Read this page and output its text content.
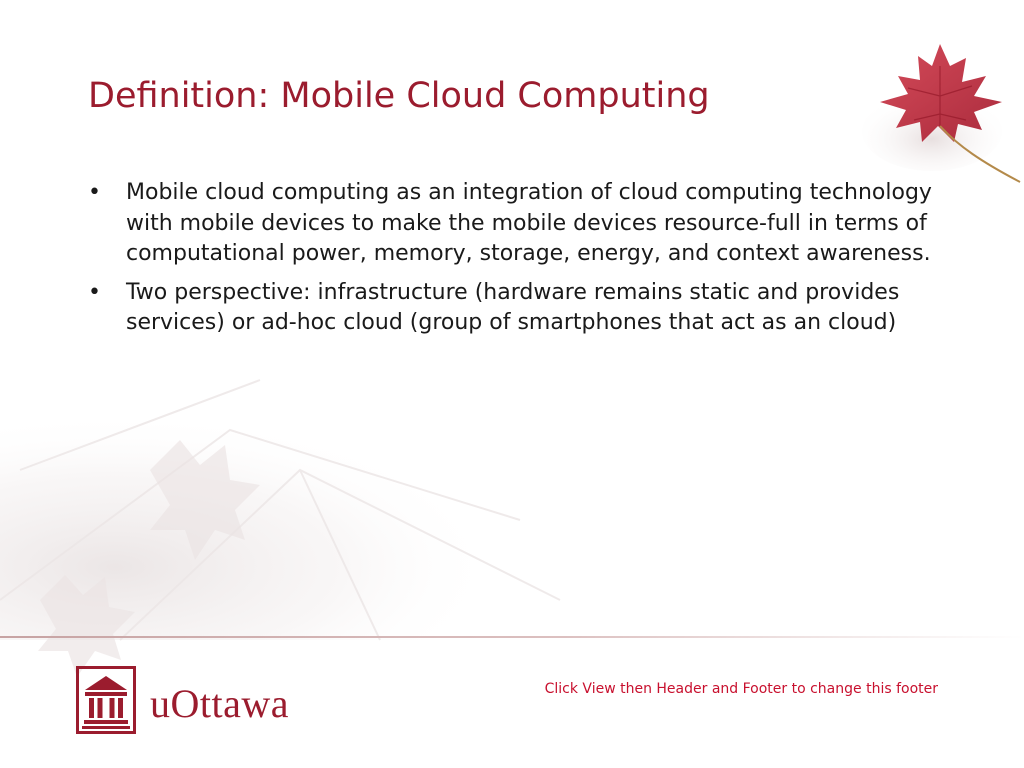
Definition: Mobile Cloud Computing
• Mobile cloud computing as an integration of cloud computing technology with mobile devices to make the mobile devices resource-full in terms of computational power, memory, storage, energy, and context awareness.
• Two perspective: infrastructure (hardware remains static and provides services) or ad-hoc cloud (group of smartphones that act as an cloud)
uOttawa	Click View then Header and Footer to change this footer
